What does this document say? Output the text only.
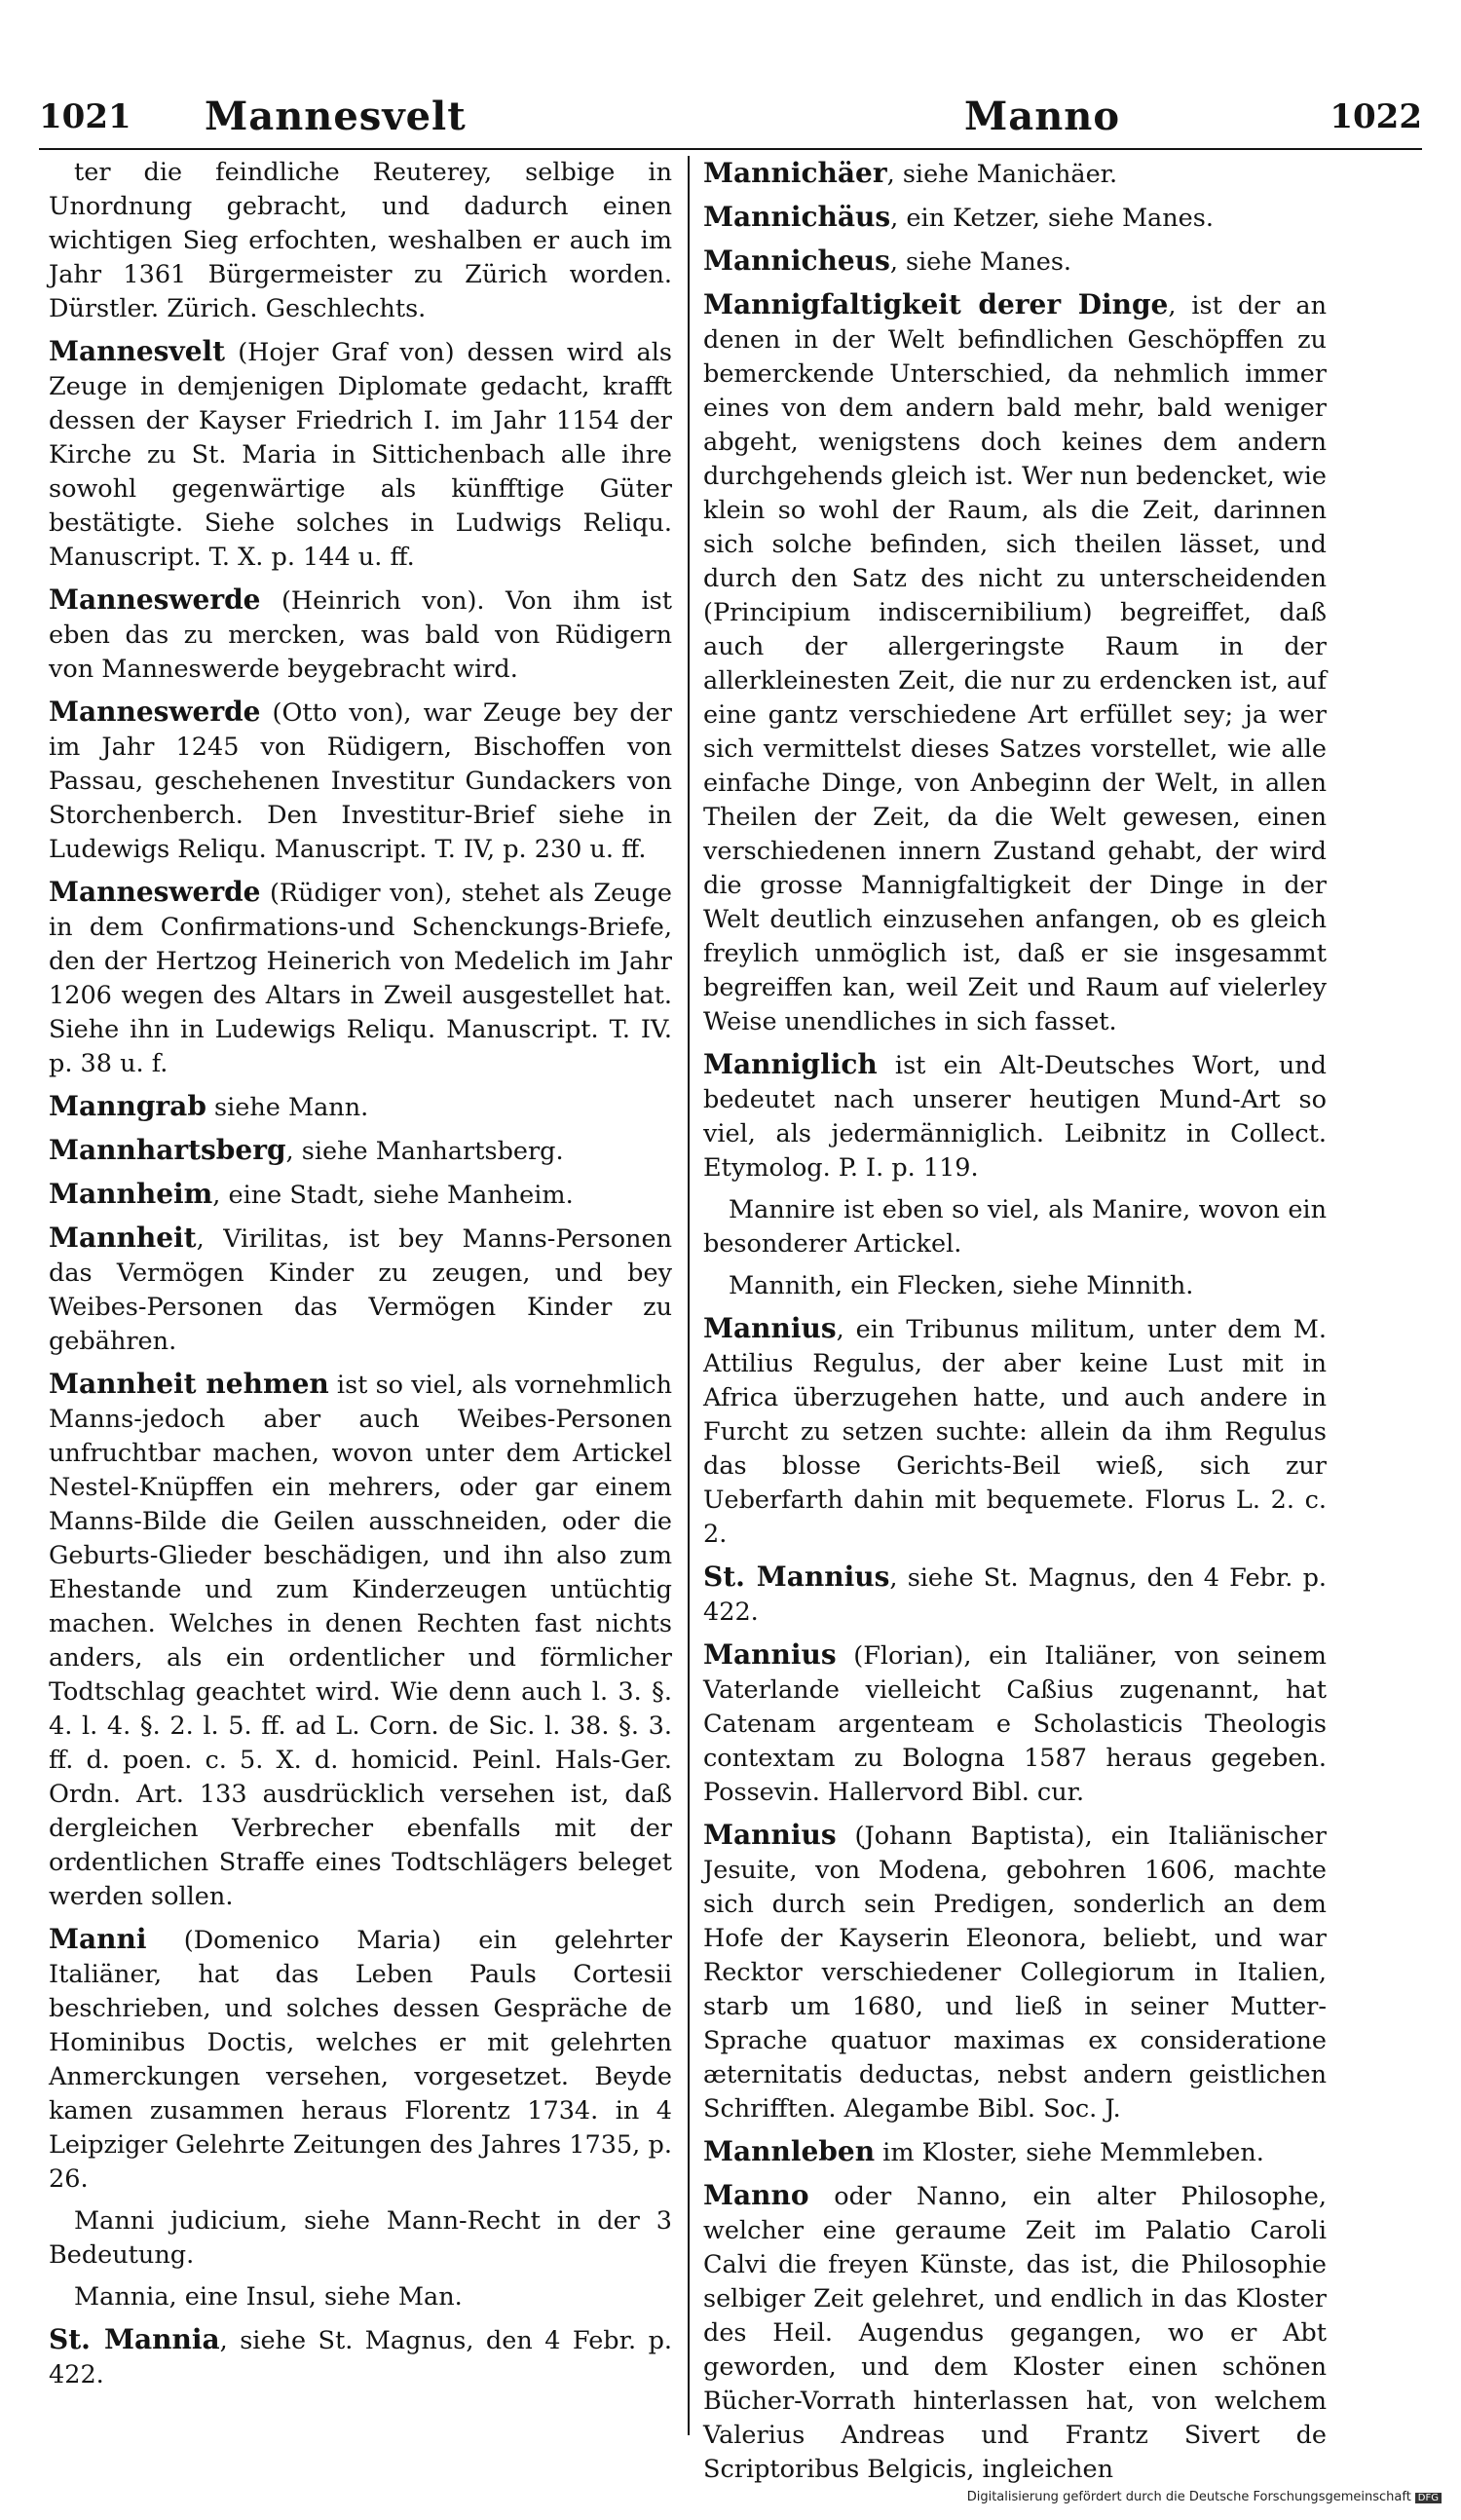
1021 Mannesvelt	Manno	1022

ter die feindliche Reuterey, selbige in Unordnung gebracht, und dadurch einen wichtigen Sieg erfochten, weshalben er auch im Jahr 1361 Bürgermeister zu Zürich worden. Dürstler. Zürich. Geschlechts.

Mannesvelt (Hojer Graf von) dessen wird als Zeuge in demjenigen Diplomate gedacht, krafft dessen der Kayser Friedrich I. im Jahr 1154 der Kirche zu St. Maria in Sittichenbach alle ihre sowohl gegenwärtige als künfftige Güter bestätigte. Siehe solches in Ludwigs Reliqu. Manuscript. T. X. p. 144 u. ff.

Manneswerde (Heinrich von). Von ihm ist eben das zu mercken, was bald von Rüdigern von Manneswerde beygebracht wird.

Manneswerde (Otto von), war Zeuge bey der im Jahr 1245 von Rüdigern, Bischoffen von Passau, geschehenen Investitur Gundackers von Storchenberch. Den Investitur-Brief siehe in Ludewigs Reliqu. Manuscript. T. IV, p. 230 u. ff.

Manneswerde (Rüdiger von), stehet als Zeuge in dem Confirmations-und Schenckungs-Briefe, den der Hertzog Heinerich von Medelich im Jahr 1206 wegen des Altars in Zweil ausgestellet hat. Siehe ihn in Ludewigs Reliqu. Manuscript. T. IV. p. 38 u. f.

Manngrab siehe Mann.

Mannhartsberg, siehe Manhartsberg.

Mannheim, eine Stadt, siehe Manheim.

Mannheit, Virilitas, ist bey Manns-Personen das Vermögen Kinder zu zeugen, und bey Weibes-Personen das Vermögen Kinder zu gebähren.

Mannheit nehmen ist so viel, als vornehmlich Manns-jedoch aber auch Weibes-Personen unfruchtbar machen, wovon unter dem Artickel Nestel-Knüpffen ein mehrers, oder gar einem Manns-Bilde die Geilen ausschneiden, oder die Geburts-Glieder beschädigen, und ihn also zum Ehestande und zum Kinderzeugen untüchtig machen. Welches in denen Rechten fast nichts anders, als ein ordentlicher und förmlicher Todtschlag geachtet wird. Wie denn auch l. 3. §. 4. l. 4. §. 2. l. 5. ff. ad L. Corn. de Sic. l. 38. §. 3. ff. d. poen. c. 5. X. d. homicid. Peinl. Hals-Ger. Ordn. Art. 133 ausdrücklich versehen ist, daß dergleichen Verbrecher ebenfalls mit der ordentlichen Straffe eines Todtschlägers beleget werden sollen.

Manni (Domenico Maria) ein gelehrter Italiäner, hat das Leben Pauls Cortesii beschrieben, und solches dessen Gespräche de Hominibus Doctis, welches er mit gelehrten Anmerckungen versehen, vorgesetzet. Beyde kamen zusammen heraus Florentz 1734. in 4 Leipziger Gelehrte Zeitungen des Jahres 1735, p. 26.

Manni judicium, siehe Mann-Recht in der 3 Bedeutung.

Mannia, eine Insul, siehe Man.

St. Mannia, siehe St. Magnus, den 4 Febr. p. 422.

Mannichäer, siehe Manichäer.

Mannichäus, ein Ketzer, siehe Manes.

Mannicheus, siehe Manes.

Mannigfaltigkeit derer Dinge, ist der an denen in der Welt befindlichen Geschöpffen zu bemerckende Unterschied, da nehmlich immer eines von dem andern bald mehr, bald weniger abgeht, wenigstens doch keines dem andern durchgehends gleich ist. Wer nun bedencket, wie klein so wohl der Raum, als die Zeit, darinnen sich solche befinden, sich theilen lässet, und durch den Satz des nicht zu unterscheidenden (Principium indiscernibilium) begreiffet, daß auch der allergeringste Raum in der allerkleinesten Zeit, die nur zu erdencken ist, auf eine gantz verschiedene Art erfüllet sey; ja wer sich vermittelst dieses Satzes vorstellet, wie alle einfache Dinge, von Anbeginn der Welt, in allen Theilen der Zeit, da die Welt gewesen, einen verschiedenen innern Zustand gehabt, der wird die grosse Mannigfaltigkeit der Dinge in der Welt deutlich einzusehen anfangen, ob es gleich freylich unmöglich ist, daß er sie insgesammt begreiffen kan, weil Zeit und Raum auf vielerley Weise unendliches in sich fasset.

Manniglich ist ein Alt-Deutsches Wort, und bedeutet nach unserer heutigen Mund-Art so viel, als jedermänniglich. Leibnitz in Collect. Etymolog. P. I. p. 119.

Mannire ist eben so viel, als Manire, wovon ein besonderer Artickel.

Mannith, ein Flecken, siehe Minnith.

Mannius, ein Tribunus militum, unter dem M. Attilius Regulus, der aber keine Lust mit in Africa überzugehen hatte, und auch andere in Furcht zu setzen suchte: allein da ihm Regulus das blosse Gerichts-Beil wieß, sich zur Ueberfarth dahin mit bequemete. Florus L. 2. c. 2.

St. Mannius, siehe St. Magnus, den 4 Febr. p. 422.

Mannius (Florian), ein Italiäner, von seinem Vaterlande vielleicht Caßius zugenannt, hat Catenam argenteam e Scholasticis Theologis contextam zu Bologna 1587 heraus gegeben. Possevin. Hallervord Bibl. cur.

Mannius (Johann Baptista), ein Italiänischer Jesuite, von Modena, gebohren 1606, machte sich durch sein Predigen, sonderlich an dem Hofe der Kayserin Eleonora, beliebt, und war Recktor verschiedener Collegiorum in Italien, starb um 1680, und ließ in seiner Mutter-Sprache quatuor maximas ex consideratione æternitatis deductas, nebst andern geistlichen Schrifften. Alegambe Bibl. Soc. J.

Mannleben im Kloster, siehe Memmleben.

Manno oder Nanno, ein alter Philosophe, welcher eine geraume Zeit im Palatio Caroli Calvi die freyen Künste, das ist, die Philosophie selbiger Zeit gelehret, und endlich in das Kloster des Heil. Augendus gegangen, wo er Abt geworden, und dem Kloster einen schönen Bücher-Vorrath hinterlassen hat, von welchem Valerius Andreas und Frantz Sivert de Scriptoribus Belgicis, ingleichen

Digitalisierung gefördert durch die Deutsche Forschungsgemeinschaft DFG
